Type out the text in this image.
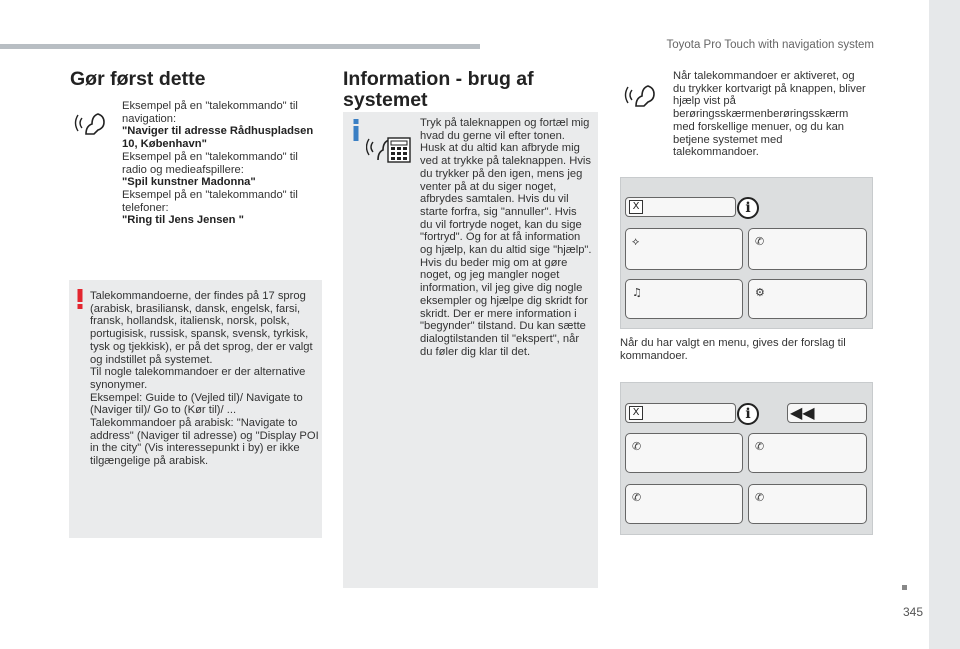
Toyota Pro Touch with navigation system
345
Gør først dette
Eksempel på en "talekommando" til navigation:
"Naviger til adresse Rådhuspladsen 10, København"
Eksempel på en "talekommando" til radio og medieafspillere:
"Spil kunstner Madonna"
Eksempel på en "talekommando" til telefoner:
"Ring til Jens Jensen "
Talekommandoerne, der findes på 17 sprog (arabisk, brasiliansk, dansk, engelsk, farsi, fransk, hollandsk, italiensk, norsk, polsk, portugisisk, russisk, spansk, svensk, tyrkisk, tysk og tjekkisk), er på det sprog, der er valgt og indstillet på systemet.
Til nogle talekommandoer er der alternative synonymer.
Eksempel: Guide to (Vejled til)/ Navigate to (Naviger til)/ Go to (Kør til)/ ...
Talekommandoer på arabisk: "Navigate to address" (Naviger til adresse) og "Display POI in the city" (Vis interessepunkt i by) er ikke tilgængelige på arabisk.
Information - brug af systemet
Tryk på taleknappen og fortæl mig hvad du gerne vil efter tonen. Husk at du altid kan afbryde mig ved at trykke på taleknappen. Hvis du trykker på den igen, mens jeg venter på at du siger noget, afbrydes samtalen. Hvis du vil starte forfra, sig "annuller". Hvis du vil fortryde noget, kan du sige "fortryd". Og for at få information og hjælp, kan du altid sige "hjælp". Hvis du beder mig om at gøre noget, og jeg mangler noget information, vil jeg give dig nogle eksempler og hjælpe dig skridt for skridt. Der er mere information i "begynder" tilstand. Du kan sætte dialogtilstanden til "ekspert", når du føler dig klar til det.
Når talekommandoer er aktiveret, og du trykker kortvarigt på knappen, bliver hjælp vist på berøringsskærmenberøringsskærm med forskellige menuer, og du kan betjene systemet med talekommandoer.
X	i
⟡	✆
♫	⚙
Når du har valgt en menu, gives der forslag til kommandoer.
X	i	◀◀
✆	✆
✆	✆
